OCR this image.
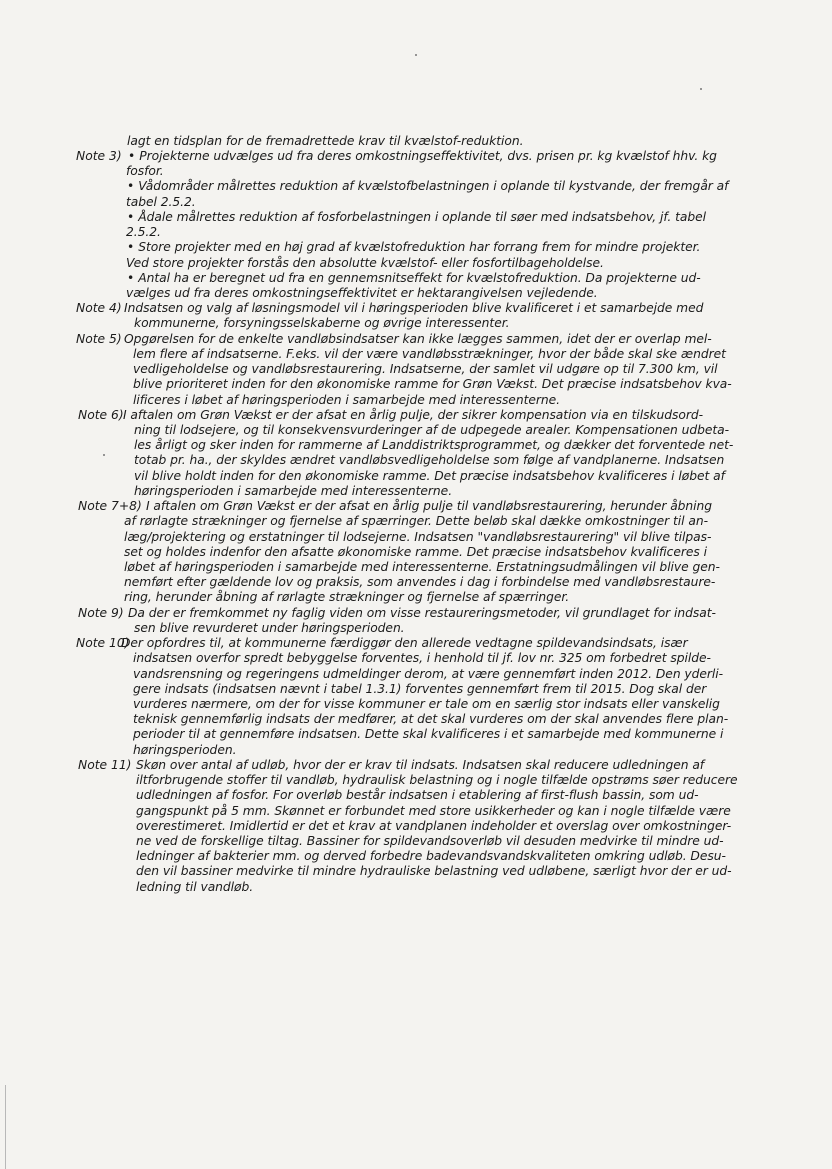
lagt en tidsplan for de fremadrettede krav til kvælstof-reduktion.
Note 3) • Projekterne udvælges ud fra deres omkostningseffektivitet, dvs. prisen pr. kg kvælstof hhv. kg
fosfor.
• Vådområder målrettes reduktion af kvælstofbelastningen i oplande til kystvande, der fremgår af
tabel 2.5.2.
• Ådale målrettes reduktion af fosforbelastningen i oplande til søer med indsatsbehov, jf. tabel
2.5.2.
• Store projekter med en høj grad af kvælstofreduktion har forrang frem for mindre projekter.
Ved store projekter forstås den absolutte kvælstof- eller fosfortilbageholdelse.
• Antal ha er beregnet ud fra en gennemsnitseffekt for kvælstofreduktion. Da projekterne ud-
vælges ud fra deres omkostningseffektivitet er hektarangivelsen vejledende.
Note 4) Indsatsen og valg af løsningsmodel vil i høringsperioden blive kvalificeret i et samarbejde med
kommunerne, forsyningsselskaberne og øvrige interessenter.
Note 5) Opgørelsen for de enkelte vandløbsindsatser kan ikke lægges sammen, idet der er overlap mel-
lem flere af indsatserne. F.eks. vil der være vandløbsstrækninger, hvor der både skal ske ændret
vedligeholdelse og vandløbsrestaurering. Indsatserne, der samlet vil udgøre op til 7.300 km, vil
blive prioriteret inden for den økonomiske ramme for Grøn Vækst. Det præcise indsatsbehov kva-
lificeres i løbet af høringsperioden i samarbejde med interessenterne.
Note 6) I aftalen om Grøn Vækst er der afsat en årlig pulje, der sikrer kompensation via en tilskudsord-
ning til lodsejere, og til konsekvensvurderinger af de udpegede arealer. Kompensationen udbeta-
les årligt og sker inden for rammerne af Landdistriktsprogrammet, og dækker det forventede net-
totab pr. ha., der skyldes ændret vandløbsvedligeholdelse som følge af vandplanerne. Indsatsen
vil blive holdt inden for den økonomiske ramme. Det præcise indsatsbehov kvalificeres i løbet af
høringsperioden i samarbejde med interessenterne.
Note 7+8) I aftalen om Grøn Vækst er der afsat en årlig pulje til vandløbsrestaurering, herunder åbning
af rørlagte strækninger og fjernelse af spærringer. Dette beløb skal dække omkostninger til an-
læg/projektering og erstatninger til lodsejerne. Indsatsen "vandløbsrestaurering" vil blive tilpas-
set og holdes indenfor den afsatte økonomiske ramme. Det præcise indsatsbehov kvalificeres i
løbet af høringsperioden i samarbejde med interessenterne. Erstatningsudmålingen vil blive gen-
nemført efter gældende lov og praksis, som anvendes i dag i forbindelse med vandløbsrestaure-
ring, herunder åbning af rørlagte strækninger og fjernelse af spærringer.
Note 9) Da der er fremkommet ny faglig viden om visse restaureringsmetoder, vil grundlaget for indsat-
sen blive revurderet under høringsperioden.
Note 10)
Der opfordres til, at kommunerne færdiggør den allerede vedtagne spildevandsindsats, især
indsatsen overfor spredt bebyggelse forventes, i henhold til jf. lov nr. 325 om forbedret spilde-
vandsrensning og regeringens udmeldinger derom, at være gennemført inden 2012. Den yderli-
gere indsats (indsatsen nævnt i tabel 1.3.1) forventes gennemført frem til 2015. Dog skal der
vurderes nærmere, om der for visse kommuner er tale om en særlig stor indsats eller vanskelig
teknisk gennemførlig indsats der medfører, at det skal vurderes om der skal anvendes flere plan-
perioder til at gennemføre indsatsen. Dette skal kvalificeres i et samarbejde med kommunerne i
høringsperioden.
Note 11) Skøn over antal af udløb, hvor der er krav til indsats. Indsatsen skal reducere udledningen af
iltforbrugende stoffer til vandløb, hydraulisk belastning og i nogle tilfælde opstrøms søer reducere
udledningen af fosfor. For overløb består indsatsen i etablering af first-flush bassin, som ud-
gangspunkt på 5 mm. Skønnet er forbundet med store usikkerheder og kan i nogle tilfælde være
overestimeret. Imidlertid er det et krav at vandplanen indeholder et overslag over omkostninger-
ne ved de forskellige tiltag. Bassiner for spildevandsoverløb vil desuden medvirke til mindre ud-
ledninger af bakterier mm. og derved forbedre badevandsvandskvaliteten omkring udløb. Desu-
den vil bassiner medvirke til mindre hydrauliske belastning ved udløbene, særligt hvor der er ud-
ledning til vandløb.
